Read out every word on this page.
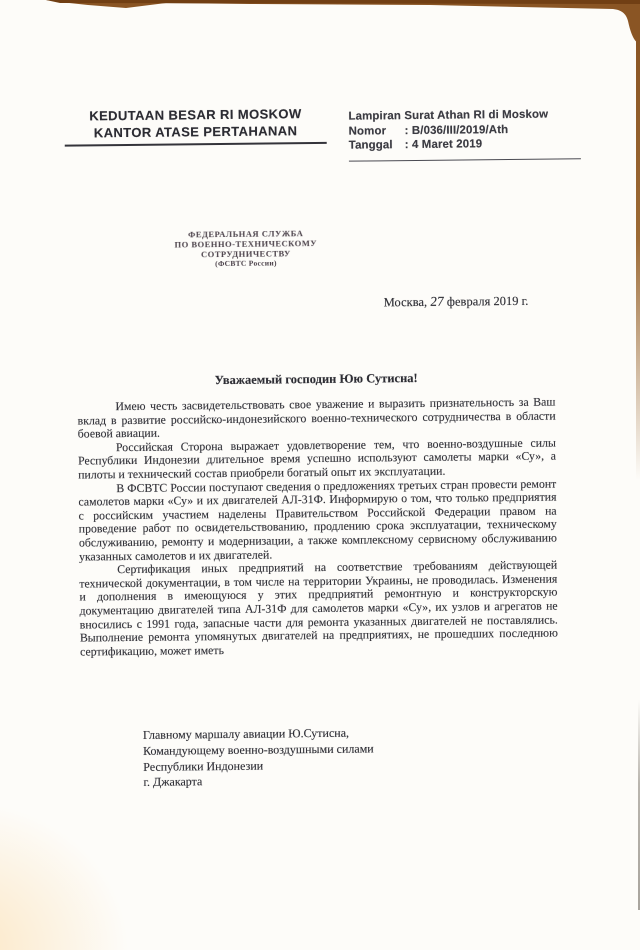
KEDUTAAN BESAR RI MOSKOW
KANTOR ATASE PERTAHANAN
Lampiran Surat Athan RI di Moskow
Nomor : B/036/III/2019/Ath
Tanggal : 4 Maret 2019
ФЕДЕРАЛЬНАЯ СЛУЖБА
ПО ВОЕННО-ТЕХНИЧЕСКОМУ
СОТРУДНИЧЕСТВУ
(ФСВТС России)
Москва, 27 февраля 2019 г.
Уважаемый господин Юю Сутисна!

Имею честь засвидетельствовать свое уважение и выразить признательность за Ваш вклад в развитие российско-индонезийского военно-технического сотрудничества в области боевой авиации.

Российская Сторона выражает удовлетворение тем, что военно-воздушные силы Республики Индонезии длительное время успешно используют самолеты марки «Су», а пилоты и технический состав приобрели богатый опыт их эксплуатации.

В ФСВТС России поступают сведения о предложениях третьих стран провести ремонт самолетов марки «Су» и их двигателей АЛ-31Ф. Информирую о том, что только предприятия с российским участием наделены Правительством Российской Федерации правом на проведение работ по освидетельствованию, продлению срока эксплуатации, техническому обслуживанию, ремонту и модернизации, а также комплексному сервисному обслуживанию указанных самолетов и их двигателей.

Сертификация иных предприятий на соответствие требованиям действующей технической документации, в том числе на территории Украины, не проводилась. Изменения и дополнения в имеющуюся у этих предприятий ремонтную и конструкторскую документацию двигателей типа АЛ-31Ф для самолетов марки «Су», их узлов и агрегатов не вносились с 1991 года, запасные части для ремонта указанных двигателей не поставлялись. Выполнение ремонта упомянутых двигателей на предприятиях, не прошедших последнюю сертификацию, может иметь

Главному маршалу авиации Ю.Сутисна,
Командующему военно-воздушными силами
Республики Индонезии
г. Джакарта
